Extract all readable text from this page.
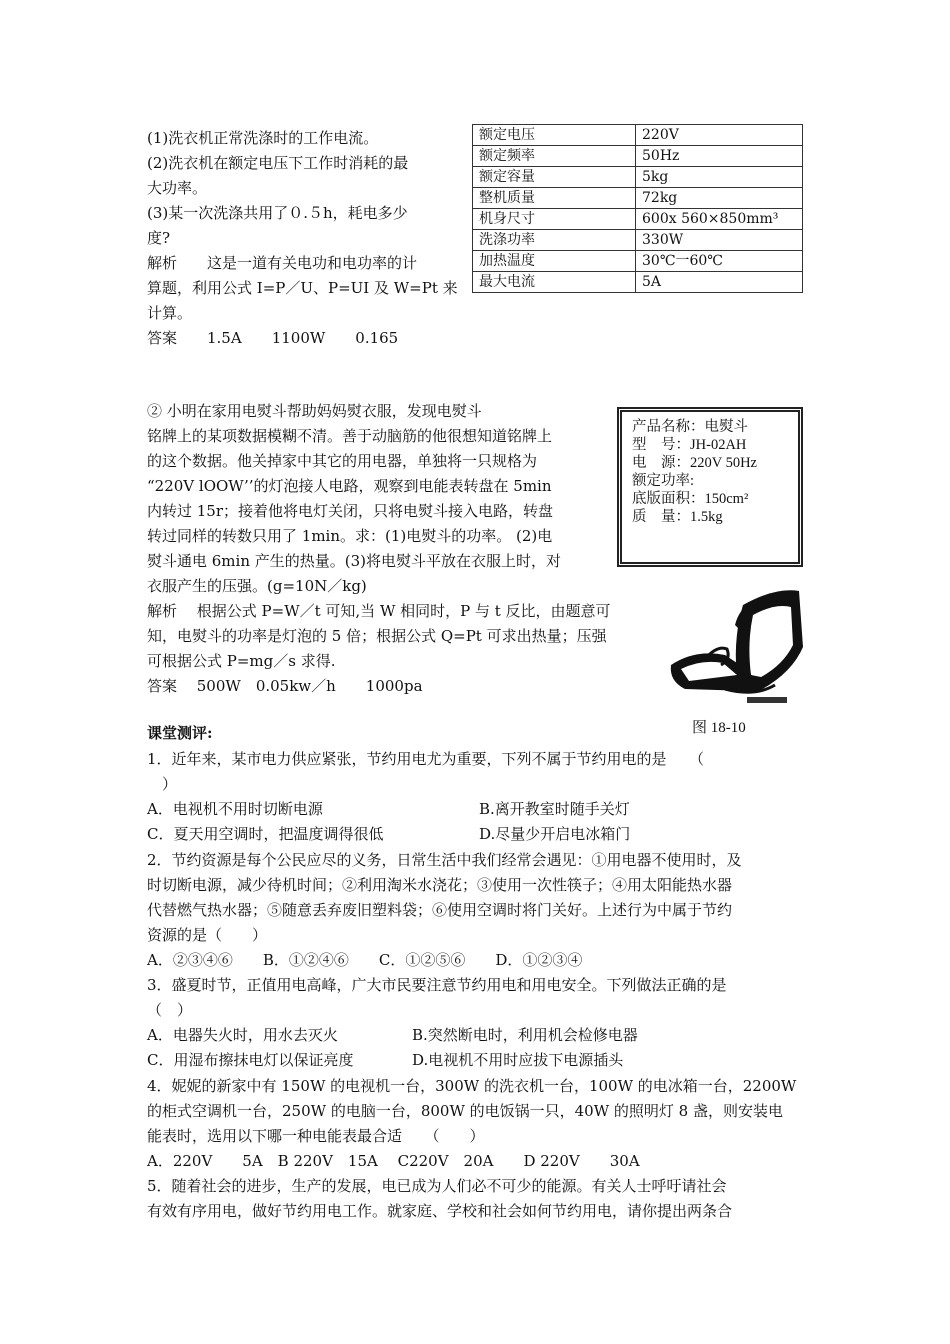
(1)洗衣机正常洗涤时的工作电流。
(2)洗衣机在额定电压下工作时消耗的最
大功率。
(3)某一次洗涤共用了０.５h，耗电多少
度?
解析　　这是一道有关电功和电功率的计
算题，利用公式 I=P／U、P=UI 及 W=Pt 来
计算。
答案　　1.5A　　1100W　　0.165
额定电压	220V
额定频率	50Hz
额定容量	5kg
整机质量	72kg
机身尺寸	600x 560×850mm³
洗涤功率	330W
加热温度	30℃一60℃
最大电流	5A
② 小明在家用电熨斗帮助妈妈熨衣服，发现电熨斗
铭牌上的某项数据模糊不清。善于动脑筋的他很想知道铭牌上
的这个数据。他关掉家中其它的用电器，单独将一只规格为
“220V lOOW’’的灯泡接人电路，观察到电能表转盘在 5min
内转过 15r；接着他将电灯关闭，只将电熨斗接入电路，转盘
转过同样的转数只用了 1min。求：(1)电熨斗的功率。 (2)电
熨斗通电 6min 产生的热量。(3)将电熨斗平放在衣服上时，对
衣服产生的压强。(g=10N／kg)
解析　 根据公式 P=W／t 可知,当 W 相同时，P 与 t 反比，由题意可
知，电熨斗的功率是灯泡的 5 倍；根据公式 Q=Pt 可求出热量；压强
可根据公式 P=mg／s 求得.
答案　 500W　0.05kw／h　　1000pa
产品名称：电熨斗
型　号：JH-02AH
电　源：220V 50Hz
额定功率:
底版面积：150cm²
质　量：1.5kg
图 18-10
课堂测评:
1．近年来，某市电力供应紧张，节约用电尤为重要，下列不属于节约用电的是　　（
　）
A．电视机不用时切断电源	B.离开教室时随手关灯
C．夏天用空调时，把温度调得很低	D.尽量少开启电冰箱门
2．节约资源是每个公民应尽的义务，日常生活中我们经常会遇见：①用电器不使用时，及
时切断电源，减少待机时间；②利用淘米水浇花；③使用一次性筷子；④用太阳能热水器
代替燃气热水器；⑤随意丢弃废旧塑料袋；⑥使用空调时将门关好。上述行为中属于节约
资源的是（　　）
A．②③④⑥　　B．①②④⑥　　C．①②⑤⑥　　D．①②③④
3．盛夏时节，正值用电高峰，广大市民要注意节约用电和用电安全。下列做法正确的是
（　）
A．电器失火时，用水去灭火	B.突然断电时，利用机会检修电器
C．用湿布擦抹电灯以保证亮度	D.电视机不用时应拔下电源插头
4．妮妮的新家中有 150W 的电视机一台，300W 的洗衣机一台，100W 的电冰箱一台，2200W
的柜式空调机一台，250W 的电脑一台，800W 的电饭锅一只，40W 的照明灯 8 盏，则安装电
能表时，选用以下哪一种电能表最合适　　（　　）
A．220V　　5A　B 220V　15A　 C220V　20A　　D 220V　　30A
5．随着社会的进步，生产的发展，电已成为人们必不可少的能源。有关人士呼吁请社会
有效有序用电，做好节约用电工作。就家庭、学校和社会如何节约用电，请你提出两条合
